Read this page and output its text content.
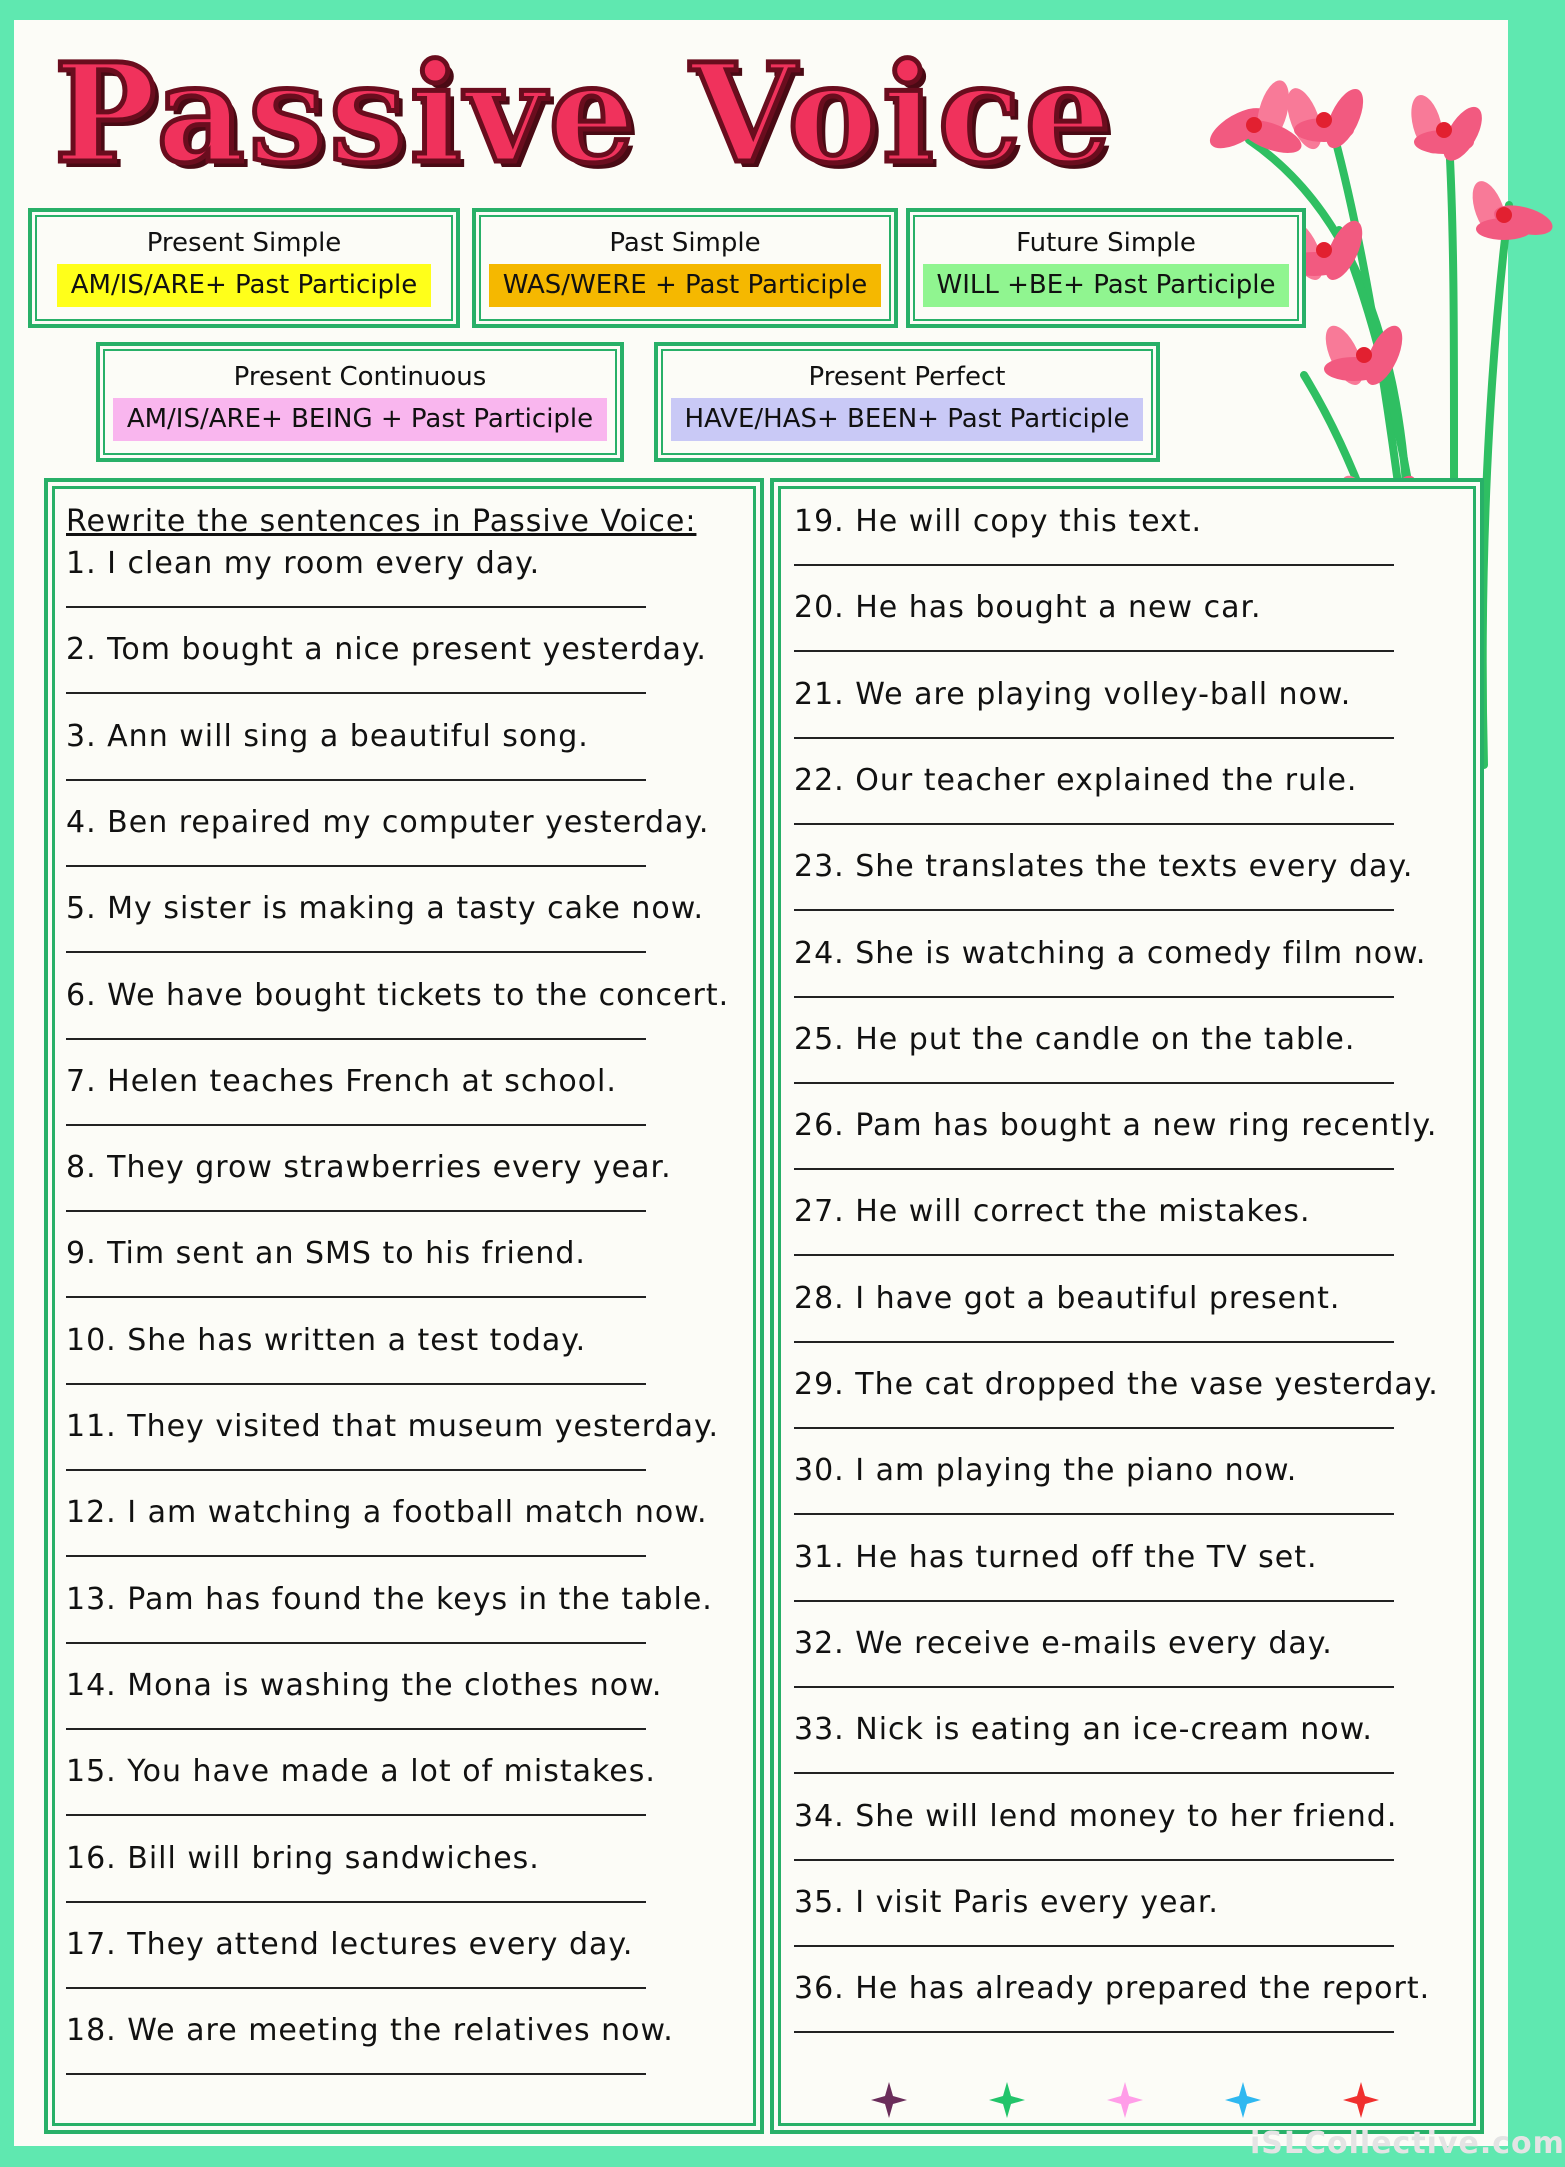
Passive Voice
Present Simple
AM/IS/ARE+ Past Participle
Past Simple
WAS/WERE + Past Participle
Future Simple
WILL +BE+ Past Participle
Present Continuous
AM/IS/ARE+ BEING + Past Participle
Present Perfect
HAVE/HAS+ BEEN+ Past Participle
Rewrite the sentences in Passive Voice:
1. I clean my room every day.
2. Tom bought a nice present yesterday.
3. Ann will sing a beautiful song.
4. Ben repaired my computer yesterday.
5. My sister is making a tasty cake now.
6. We have bought tickets to the concert.
7. Helen teaches French at school.
8. They grow strawberries every year.
9. Tim sent an SMS to his friend.
10. She has written a test today.
11. They visited that museum yesterday.
12. I am watching a football match now.
13. Pam has found the keys in the table.
14. Mona is washing the clothes now.
15. You have made a lot of mistakes.
16. Bill will bring sandwiches.
17. They attend lectures every day.
18. We are meeting the relatives now.
19. He will copy this text.
20. He has bought a new car.
21. We are playing volley-ball now.
22. Our teacher explained the rule.
23. She translates the texts every day.
24. She is watching a comedy film now.
25. He put the candle on the table.
26. Pam has bought a new ring recently.
27. He will correct the mistakes.
28. I have got a beautiful present.
29. The cat dropped the vase yesterday.
30. I am playing the piano now.
31. He has turned off the TV set.
32. We receive e-mails every day.
33. Nick is eating an ice-cream now.
34. She will lend money to her friend.
35. I visit Paris every year.
36. He has already prepared the report.
iSLCollective.com
